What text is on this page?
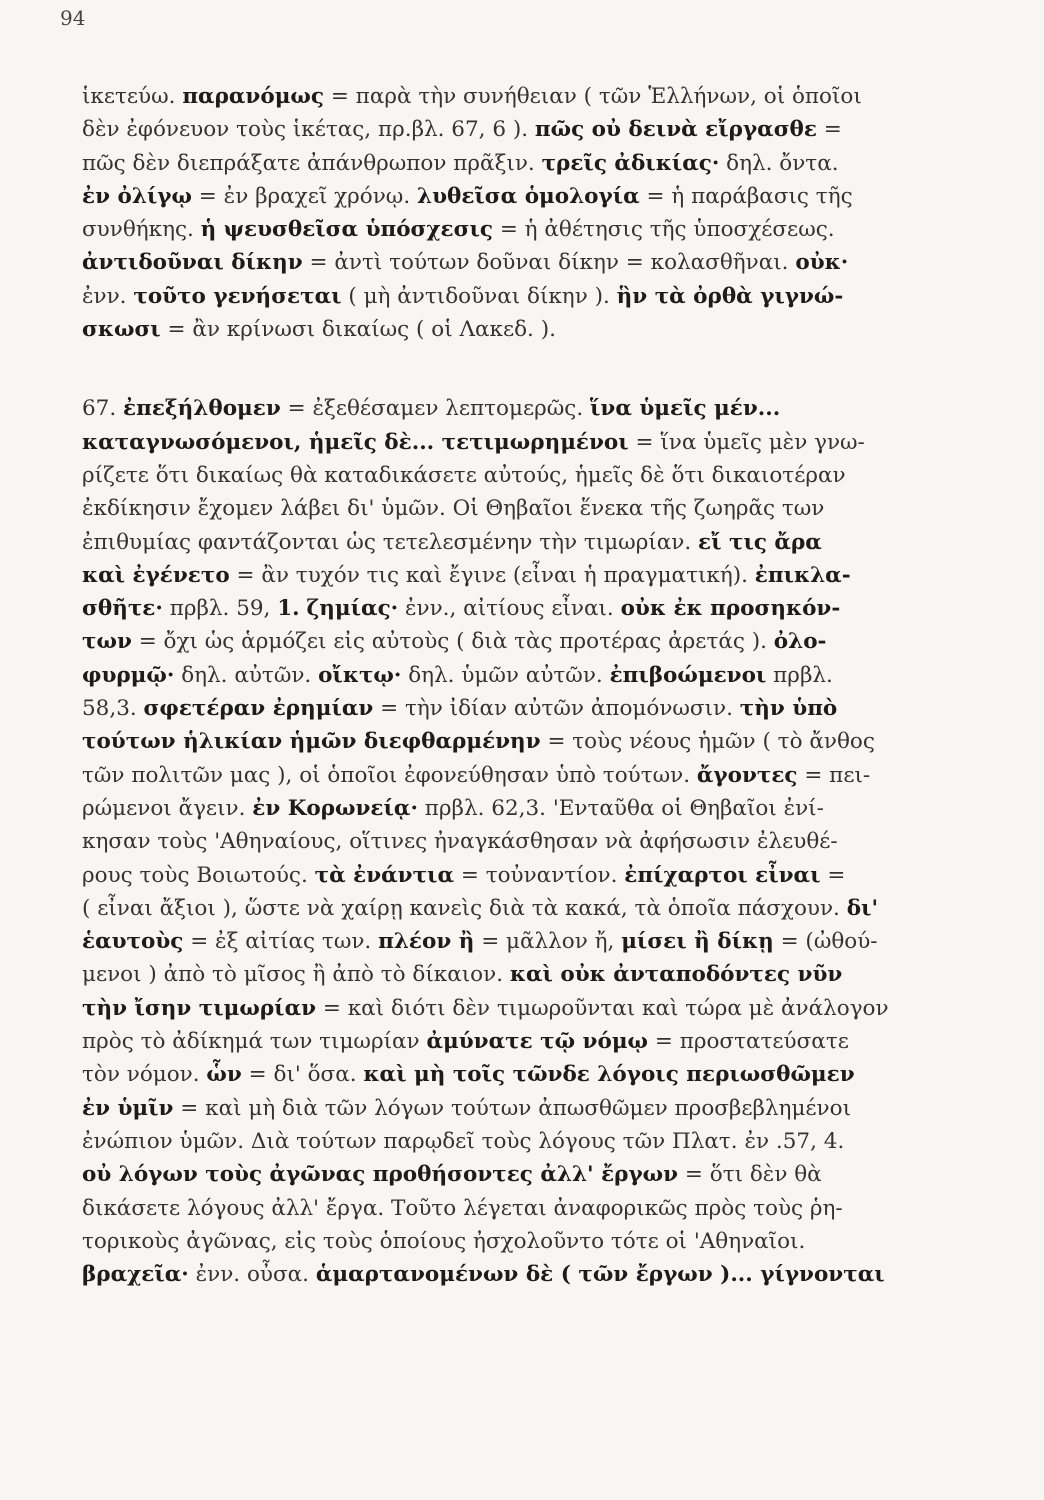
94
ἱκετεύω. παρανόμως = παρὰ τὴν συνήθειαν ( τῶν Ἑλλήνων, οἱ ὁποῖοι
δὲν ἐφόνευον τοὺς ἱκέτας, πρ.βλ. 67, 6 ). πῶς οὐ δεινὰ εἴργασθε =
πῶς δὲν διεπράξατε ἀπάνθρωπον πρᾶξιν. τρεῖς ἀδικίας· δηλ. ὄντα.
ἐν ὀλίγῳ = ἐν βραχεῖ χρόνῳ. λυθεῖσα ὁμολογία = ἡ παράβασις τῆς
συνθήκης. ἡ ψευσθεῖσα ὑπόσχεσις = ἡ ἀθέτησις τῆς ὑποσχέσεως.
ἀντιδοῦναι δίκην = ἀντὶ τούτων δοῦναι δίκην = κολασθῆναι. οὐκ·
ἐνν. τοῦτο γενήσεται ( μὴ ἀντιδοῦναι δίκην ). ἣν τὰ ὀρθὰ γιγνώ-
σκωσι = ἂν κρίνωσι δικαίως ( οἱ Λακεδ. ).
67. ἐπεξήλθομεν = ἐξεθέσαμεν λεπτομερῶς. ἵνα ὑμεῖς μέν...
καταγνωσόμενοι, ἡμεῖς δὲ... τετιμωρημένοι = ἵνα ὑμεῖς μὲν γνω-
ρίζετε ὅτι δικαίως θὰ καταδικάσετε αὐτούς, ἡμεῖς δὲ ὅτι δικαιοτέραν
ἐκδίκησιν ἔχομεν λάβει δι' ὑμῶν. Οἱ Θηβαῖοι ἕνεκα τῆς ζωηρᾶς των
ἐπιθυμίας φαντάζονται ὡς τετελεσμένην τὴν τιμωρίαν. εἴ τις ἄρα
καὶ ἐγένετο = ἂν τυχόν τις καὶ ἔγινε (εἶναι ἡ πραγματική). ἐπικλα-
σθῆτε· πρβλ. 59, 1. ζημίας· ἐνν., αἰτίους εἶναι. οὐκ ἐκ προσηκόν-
των = ὄχι ὡς ἁρμόζει εἰς αὐτοὺς ( διὰ τὰς προτέρας ἀρετάς ). ὀλο-
φυρμῷ· δηλ. αὐτῶν. οἴκτῳ· δηλ. ὑμῶν αὐτῶν. ἐπιβοώμενοι πρβλ.
58,3. σφετέραν ἐρημίαν = τὴν ἰδίαν αὐτῶν ἀπομόνωσιν. τὴν ὑπὸ
τούτων ἡλικίαν ἡμῶν διεφθαρμένην = τοὺς νέους ἡμῶν ( τὸ ἄνθος
τῶν πολιτῶν μας ), οἱ ὁποῖοι ἐφονεύθησαν ὑπὸ τούτων. ἄγοντες = πει-
ρώμενοι ἄγειν. ἐν Κορωνείᾳ· πρβλ. 62,3. 'Ενταῦθα οἱ Θηβαῖοι ἐνί-
κησαν τοὺς 'Αθηναίους, οἵτινες ἠναγκάσθησαν νὰ ἀφήσωσιν ἐλευθέ-
ρους τοὺς Βοιωτούς. τὰ ἐνάντια = τοὐναντίον. ἐπίχαρτοι εἶναι =
( εἶναι ἄξιοι ), ὥστε νὰ χαίρῃ κανεὶς διὰ τὰ κακά, τὰ ὁποῖα πάσχουν. δι'
ἑαυτοὺς = ἐξ αἰτίας των. πλέον ἢ = μᾶλλον ἤ, μίσει ἢ δίκῃ = (ὠθού-
μενοι ) ἀπὸ τὸ μῖσος ἢ ἀπὸ τὸ δίκαιον. καὶ οὐκ ἀνταποδόντες νῦν
τὴν ἴσην τιμωρίαν = καὶ διότι δὲν τιμωροῦνται καὶ τώρα μὲ ἀνάλογον
πρὸς τὸ ἀδίκημά των τιμωρίαν ἀμύνατε τῷ νόμῳ = προστατεύσατε
τὸν νόμον. ὧν = δι' ὅσα. καὶ μὴ τοῖς τῶνδε λόγοις περιωσθῶμεν
ἐν ὑμῖν = καὶ μὴ διὰ τῶν λόγων τούτων ἀπωσθῶμεν προσβεβλημένοι
ἐνώπιον ὑμῶν. Διὰ τούτων παρῳδεῖ τοὺς λόγους τῶν Πλατ. ἐν .57, 4.
οὐ λόγων τοὺς ἀγῶνας προθήσοντες ἀλλ' ἔργων = ὅτι δὲν θὰ
δικάσετε λόγους ἀλλ' ἔργα. Τοῦτο λέγεται ἀναφορικῶς πρὸς τοὺς ῥη-
τορικοὺς ἀγῶνας, εἰς τοὺς ὁποίους ἠσχολοῦντο τότε οἱ 'Αθηναῖοι.
βραχεῖα· ἐνν. οὖσα. ἁμαρτανομένων δὲ ( τῶν ἔργων )... γίγνονται
